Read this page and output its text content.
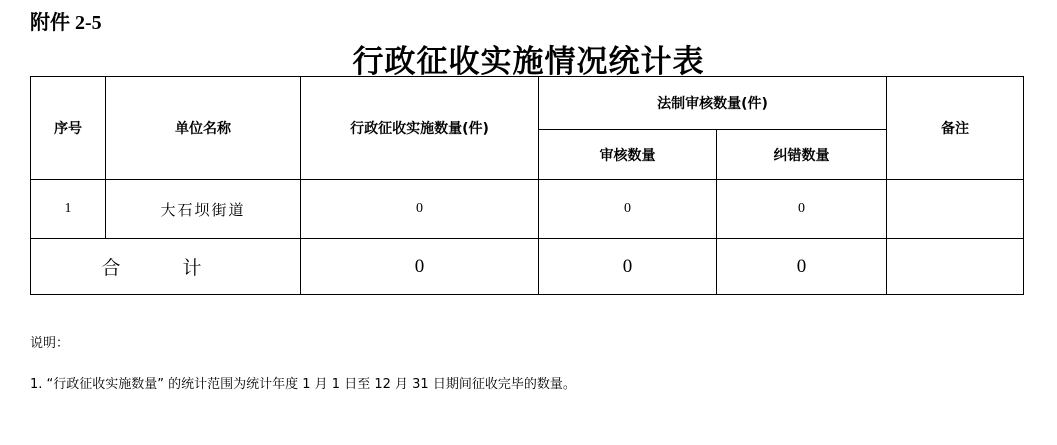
附件 2-5
行政征收实施情况统计表
序号	单位名称	行政征收实施数量(件)	法制审核数量(件)		备注
			审核数量	纠错数量	
1	大石坝街道	0	0	0	
合 计		0	0	0	
说明：
1. “行政征收实施数量” 的统计范围为统计年度 1 月 1 日至 12 月 31 日期间征收完毕的数量。
